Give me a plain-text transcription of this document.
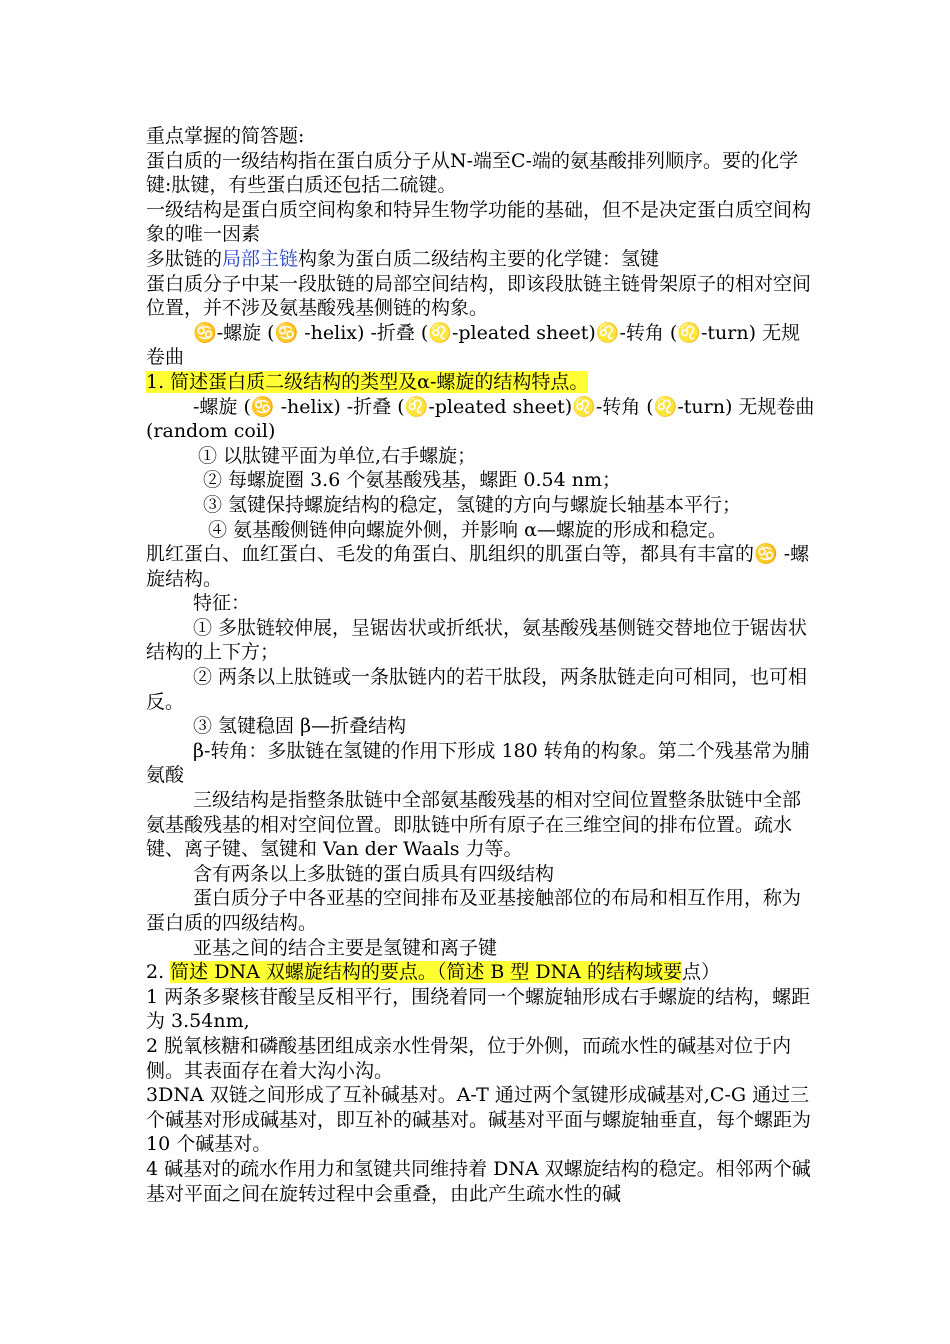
重点掌握的简答题:

蛋白质的一级结构指在蛋白质分子从N-端至C-端的氨基酸排列顺序。要的化学键:肽键，有些蛋白质还包括二硫键。

一级结构是蛋白质空间构象和特异生物学功能的基础，但不是决定蛋白质空间构象的唯一因素

多肽链的局部主链构象为蛋白质二级结构主要的化学键：氢键

蛋白质分子中某一段肽链的局部空间结构，即该段肽链主链骨架原子的相对空间位置，并不涉及氨基酸残基侧链的构象。

♋-螺旋 (♋ -helix) -折叠 (♌-pleated sheet)♌-转角 (♌-turn) 无规卷曲

1. 简述蛋白质二级结构的类型及α-螺旋的结构特点。

-螺旋 (♋ -helix) -折叠 (♌-pleated sheet)♌-转角 (♌-turn) 无规卷曲 (random coil)

① 以肽键平面为单位,右手螺旋；

② 每螺旋圈 3.6 个氨基酸残基，螺距 0.54 nm；

③ 氢键保持螺旋结构的稳定，氢键的方向与螺旋长轴基本平行；

④ 氨基酸侧链伸向螺旋外侧，并影响 α—螺旋的形成和稳定。

肌红蛋白、血红蛋白、毛发的角蛋白、肌组织的肌蛋白等，都具有丰富的♋ -螺旋结构。

特征：

① 多肽链较伸展，呈锯齿状或折纸状，氨基酸残基侧链交替地位于锯齿状结构的上下方；

② 两条以上肽链或一条肽链内的若干肽段，两条肽链走向可相同，也可相反。

③ 氢键稳固 β—折叠结构

β-转角：多肽链在氢键的作用下形成 180 转角的构象。第二个残基常为脯氨酸

三级结构是指整条肽链中全部氨基酸残基的相对空间位置整条肽链中全部氨基酸残基的相对空间位置。即肽链中所有原子在三维空间的排布位置。疏水键、离子键、氢键和 Van der Waals 力等。

含有两条以上多肽链的蛋白质具有四级结构

蛋白质分子中各亚基的空间排布及亚基接触部位的布局和相互作用，称为蛋白质的四级结构。

亚基之间的结合主要是氢键和离子键

2. 简述 DNA 双螺旋结构的要点。（简述 B 型 DNA 的结构域要点）

1 两条多聚核苷酸呈反相平行，围绕着同一个螺旋轴形成右手螺旋的结构，螺距为 3.54nm,

2 脱氧核糖和磷酸基团组成亲水性骨架，位于外侧，而疏水性的碱基对位于内侧。其表面存在着大沟小沟。

3DNA 双链之间形成了互补碱基对。A-T 通过两个氢键形成碱基对,C-G 通过三个碱基对形成碱基对，即互补的碱基对。碱基对平面与螺旋轴垂直，每个螺距为 10 个碱基对。

4 碱基对的疏水作用力和氢键共同维持着 DNA 双螺旋结构的稳定。相邻两个碱基对平面之间在旋转过程中会重叠，由此产生疏水性的碱
